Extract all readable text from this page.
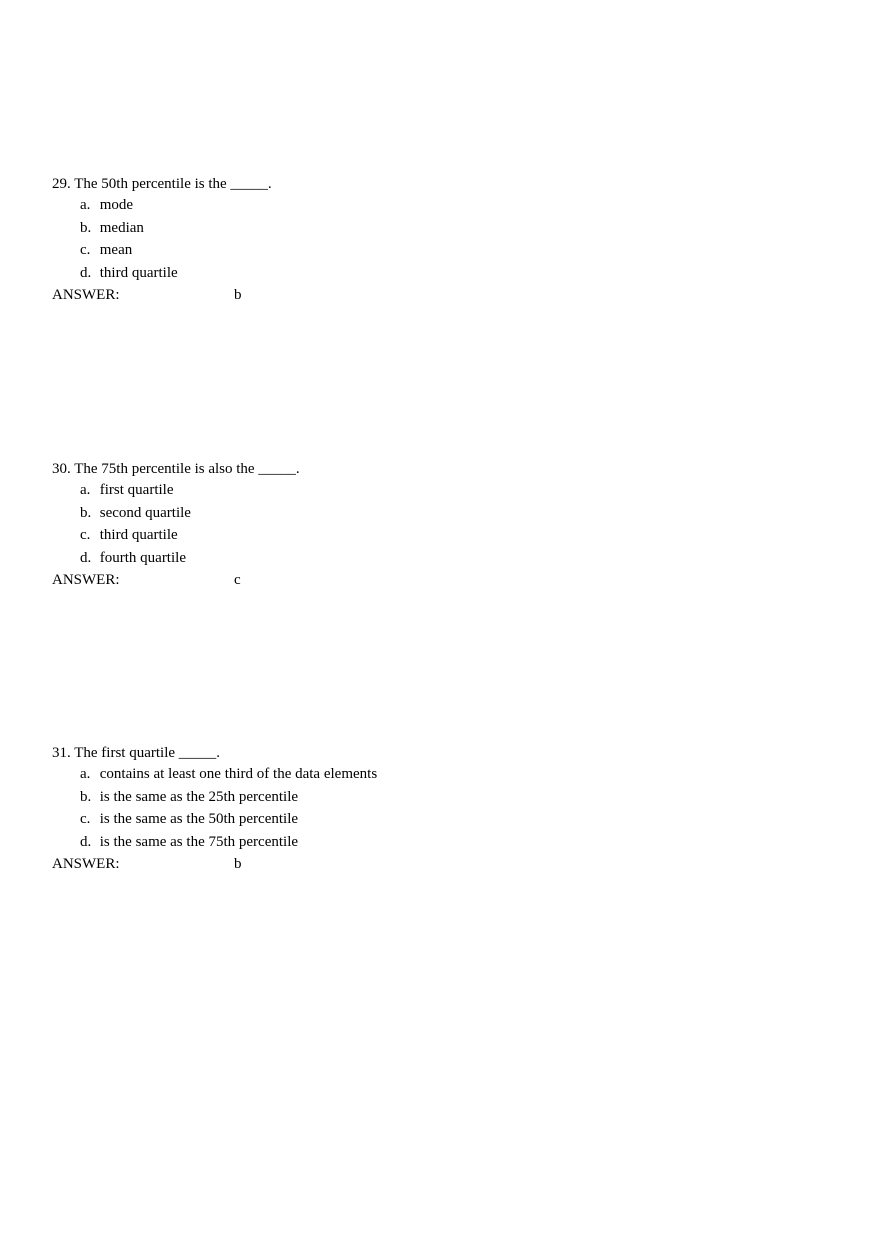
29. The 50th percentile is the _____.
a. mode
b. median
c. mean
d. third quartile
ANSWER:	b
30. The 75th percentile is also the _____.
a. first quartile
b. second quartile
c. third quartile
d. fourth quartile
ANSWER:	c
31. The first quartile _____.
a. contains at least one third of the data elements
b. is the same as the 25th percentile
c. is the same as the 50th percentile
d. is the same as the 75th percentile
ANSWER:	b
